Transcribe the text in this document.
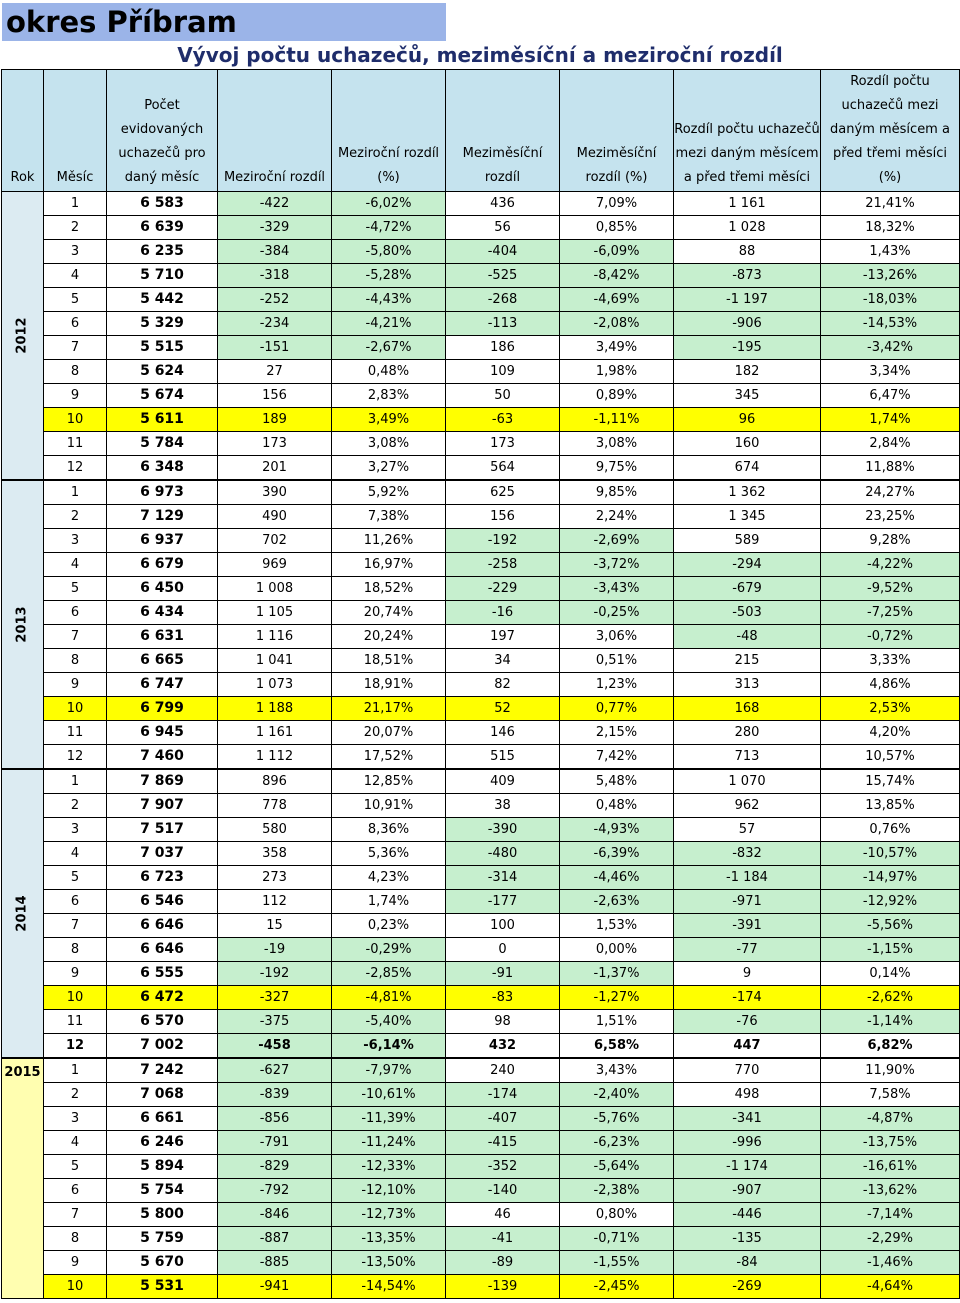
okres Příbram
Vývoj počtu uchazečů, meziměsíční a meziroční rozdíl
Rok	Měsíc	Počet evidovaných uchazečů pro daný měsíc	Meziroční rozdíl	Meziroční rozdíl (%)	Meziměsíční rozdíl	Meziměsíční rozdíl (%)	Rozdíl počtu uchazečů mezi daným měsícem a před třemi měsíci	Rozdíl počtu uchazečů mezi daným měsícem a před třemi měsíci (%)
2012	1	6 583	-422	-6,02%	436	7,09%	1 161	21,41%
	2	6 639	-329	-4,72%	56	0,85%	1 028	18,32%
	3	6 235	-384	-5,80%	-404	-6,09%	88	1,43%
	4	5 710	-318	-5,28%	-525	-8,42%	-873	-13,26%
	5	5 442	-252	-4,43%	-268	-4,69%	-1 197	-18,03%
	6	5 329	-234	-4,21%	-113	-2,08%	-906	-14,53%
	7	5 515	-151	-2,67%	186	3,49%	-195	-3,42%
	8	5 624	27	0,48%	109	1,98%	182	3,34%
	9	5 674	156	2,83%	50	0,89%	345	6,47%
	10	5 611	189	3,49%	-63	-1,11%	96	1,74%
	11	5 784	173	3,08%	173	3,08%	160	2,84%
	12	6 348	201	3,27%	564	9,75%	674	11,88%
2013	1	6 973	390	5,92%	625	9,85%	1 362	24,27%
	2	7 129	490	7,38%	156	2,24%	1 345	23,25%
	3	6 937	702	11,26%	-192	-2,69%	589	9,28%
	4	6 679	969	16,97%	-258	-3,72%	-294	-4,22%
	5	6 450	1 008	18,52%	-229	-3,43%	-679	-9,52%
	6	6 434	1 105	20,74%	-16	-0,25%	-503	-7,25%
	7	6 631	1 116	20,24%	197	3,06%	-48	-0,72%
	8	6 665	1 041	18,51%	34	0,51%	215	3,33%
	9	6 747	1 073	18,91%	82	1,23%	313	4,86%
	10	6 799	1 188	21,17%	52	0,77%	168	2,53%
	11	6 945	1 161	20,07%	146	2,15%	280	4,20%
	12	7 460	1 112	17,52%	515	7,42%	713	10,57%
2014	1	7 869	896	12,85%	409	5,48%	1 070	15,74%
	2	7 907	778	10,91%	38	0,48%	962	13,85%
	3	7 517	580	8,36%	-390	-4,93%	57	0,76%
	4	7 037	358	5,36%	-480	-6,39%	-832	-10,57%
	5	6 723	273	4,23%	-314	-4,46%	-1 184	-14,97%
	6	6 546	112	1,74%	-177	-2,63%	-971	-12,92%
	7	6 646	15	0,23%	100	1,53%	-391	-5,56%
	8	6 646	-19	-0,29%	0	0,00%	-77	-1,15%
	9	6 555	-192	-2,85%	-91	-1,37%	9	0,14%
	10	6 472	-327	-4,81%	-83	-1,27%	-174	-2,62%
	11	6 570	-375	-5,40%	98	1,51%	-76	-1,14%
	12	7 002	-458	-6,14%	432	6,58%	447	6,82%
2015	1	7 242	-627	-7,97%	240	3,43%	770	11,90%
	2	7 068	-839	-10,61%	-174	-2,40%	498	7,58%
	3	6 661	-856	-11,39%	-407	-5,76%	-341	-4,87%
	4	6 246	-791	-11,24%	-415	-6,23%	-996	-13,75%
	5	5 894	-829	-12,33%	-352	-5,64%	-1 174	-16,61%
	6	5 754	-792	-12,10%	-140	-2,38%	-907	-13,62%
	7	5 800	-846	-12,73%	46	0,80%	-446	-7,14%
	8	5 759	-887	-13,35%	-41	-0,71%	-135	-2,29%
	9	5 670	-885	-13,50%	-89	-1,55%	-84	-1,46%
	10	5 531	-941	-14,54%	-139	-2,45%	-269	-4,64%
